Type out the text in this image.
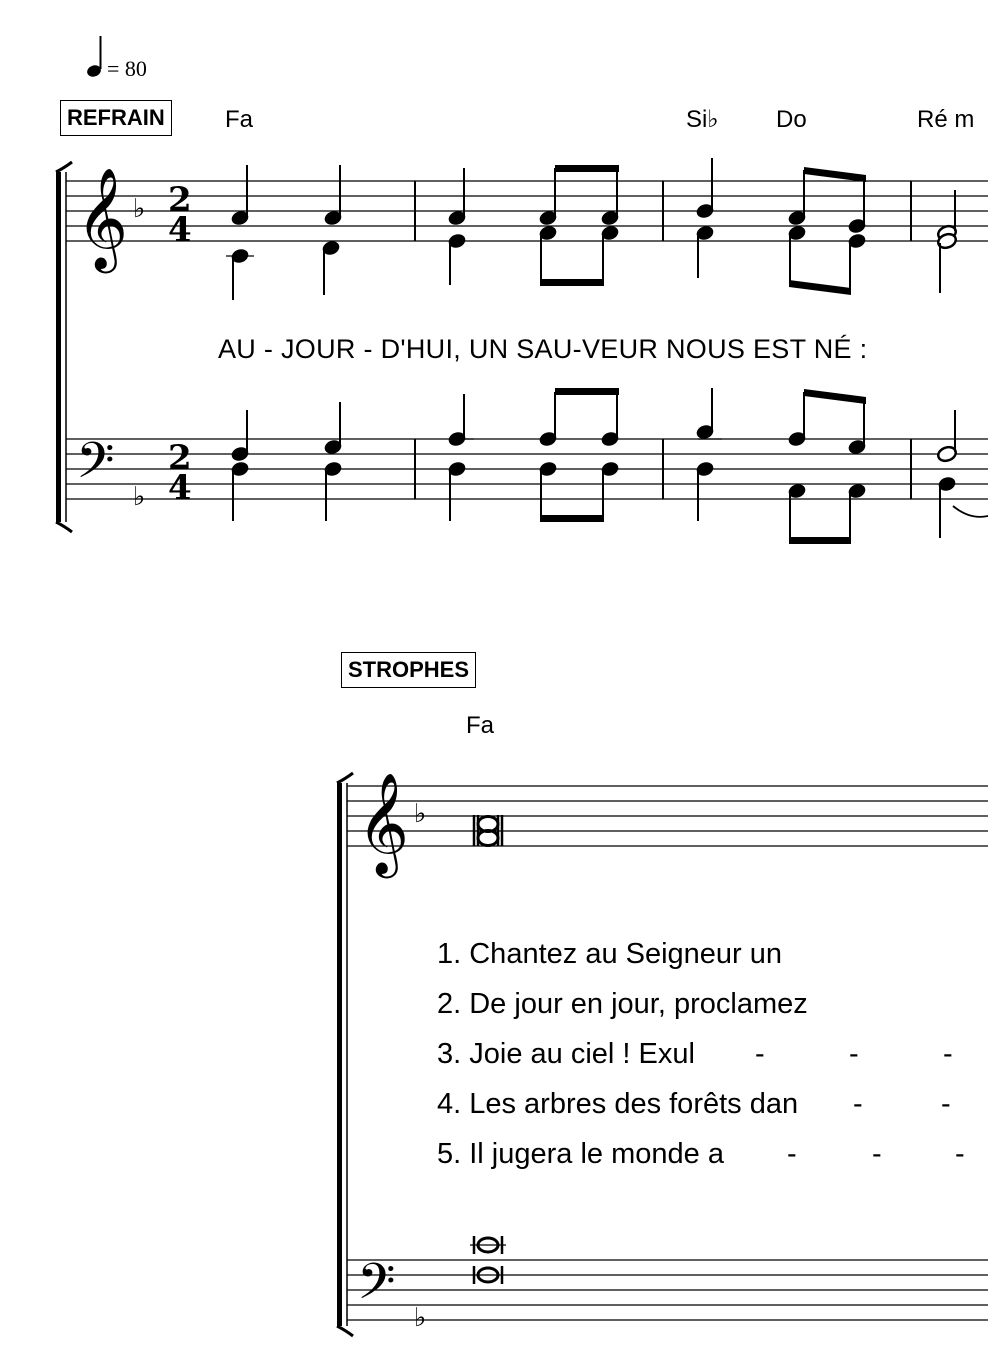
𝄞 ♭ 2
4
𝄢 ♭
2
4
𝄞 ♭
𝄢 ♭
= 80
REFRAIN	Fa	Si♭ Do	Ré m
AU - JOUR - D'HUI, UN SAU-VEUR NOUS EST NÉ :
STROPHES
Fa
1. Chantez au Seigneur un
2. De jour en jour, proclamez
3. Joie au ciel ! Exul
4. Les arbres des forêts dan
5. Il jugera le monde a
-	-	-
-	-
-	-	-
